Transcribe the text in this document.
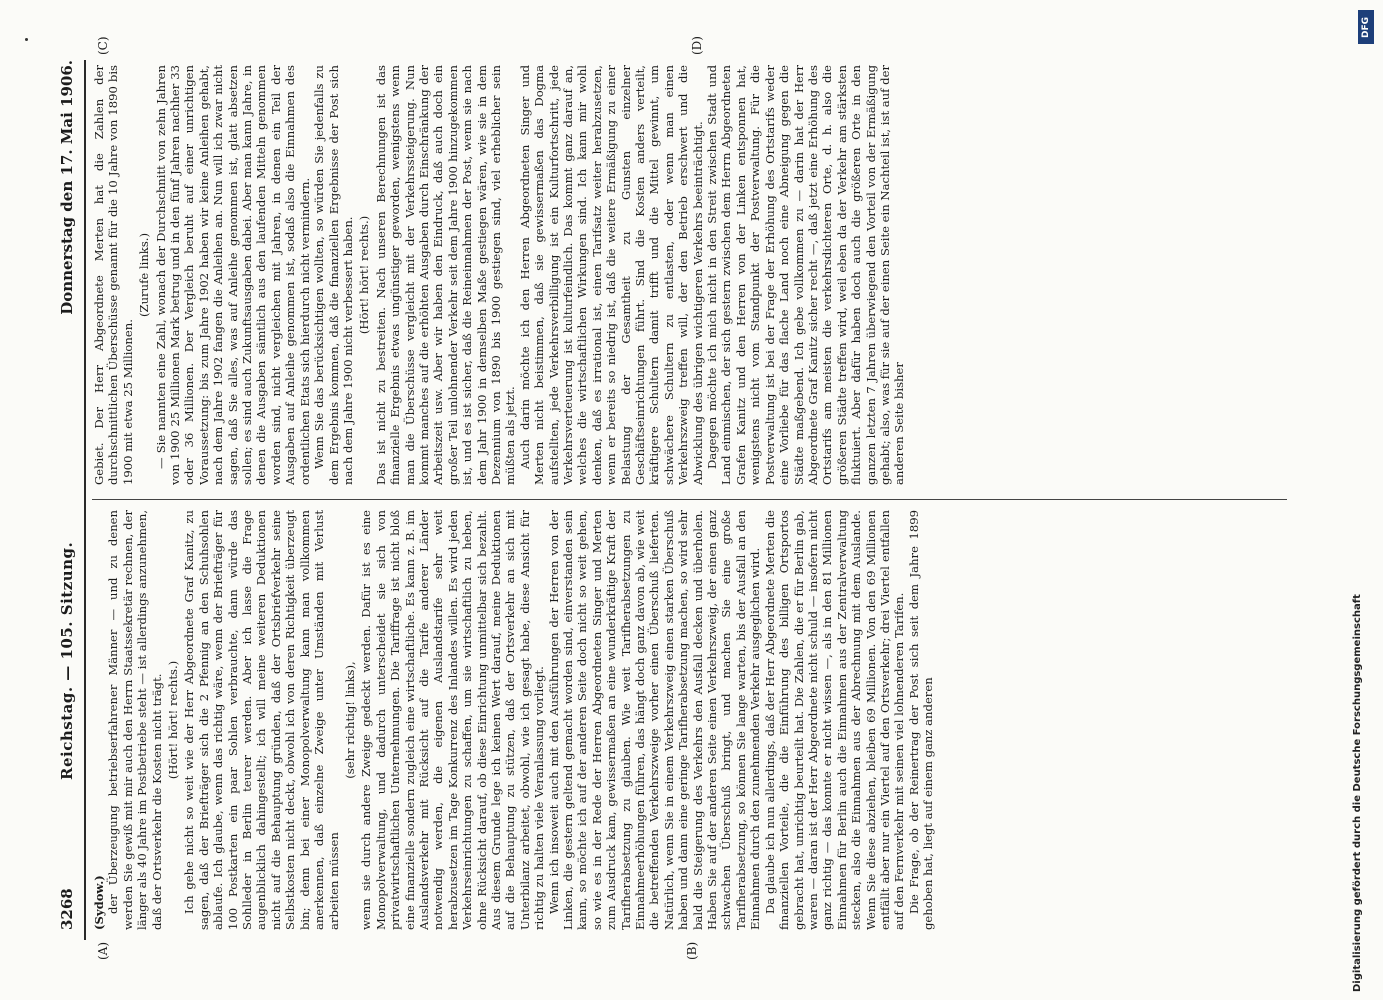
3268
Reichstag. — 105. Sitzung.
Donnerstag den 17. Mai 1906.

(Sydow.) der Überzeugung betriebserfahrener Männer — und zu denen werden Sie gewiß mit mir auch den Herrn Staatssekretär rechnen, der länger als 40 Jahre im Postbetriebe steht — ist allerdings anzunehmen, daß der Ortsverkehr die Kosten nicht trägt. (Hört! hört! rechts.) Ich gehe nicht so weit wie der Herr Abgeordnete Graf Kanitz, zu sagen, daß der Briefträger sich die 2 Pfennig an den Schuhsohlen ablaufe. Ich glaube, wenn das richtig wäre, wenn der Briefträger für 100 Postkarten ein paar Sohlen verbrauchte, dann würde das Sohlleder in Berlin teurer werden. Aber ich lasse die Frage augenblicklich dahingestellt; ich will meine weiteren Deduktionen nicht auf die Behauptung gründen, daß der Ortsbriefverkehr seine Selbstkosten nicht deckt, obwohl ich von deren Richtigkeit überzeugt bin; denn bei einer Monopolverwaltung kann man vollkommen anerkennen, daß einzelne Zweige unter Umständen mit Verlust arbeiten müssen

(sehr richtig! links), wenn sie durch andere Zweige gedeckt werden. Dafür ist es eine Monopolverwaltung, und dadurch unterscheidet sie sich von privatwirtschaftlichen Unternehmungen. Die Tariffrage ist nicht bloß eine finanzielle sondern zugleich eine wirtschaftliche. Es kann z. B. im Auslandsverkehr mit Rücksicht auf die Tarife anderer Länder notwendig werden, die eigenen Auslandstarife sehr weit herabzusetzen im Tage Konkurrenz des Inlandes willen. Es wird jeden Verkehrseinrichtungen zu schaffen, um sie wirtschaftlich zu heben, ohne Rücksicht darauf, ob diese Einrichtung unmittelbar sich bezahlt. Aus diesem Grunde lege ich keinen Wert darauf, meine Deduktionen auf die Behauptung zu stützen, daß der Ortsverkehr an sich mit Unterbilanz arbeitet, obwohl, wie ich gesagt habe, diese Ansicht für richtig zu halten viele Veranlassung vorliegt. Wenn ich insoweit auch mit den Ausführungen der Herren von der Linken, die gestern geltend gemacht worden sind, einverstanden sein kann, so möchte ich auf der anderen Seite doch nicht so weit gehen, so wie es in der Rede der Herren Abgeordneten Singer und Merten zum Ausdruck kam, gewissermaßen an eine wunderkräftige Kraft der Tarifherabsetzung zu glauben. Wie weit Tarifherabsetzungen zu Einnahmeerhöhungen führen, das hängt doch ganz davon ab, wie weit die betreffenden Verkehrszweige vorher einen Überschuß lieferten. Natürlich, wenn Sie in einem Verkehrszweig einen starken Überschuß haben und dann eine geringe Tarifherabsetzung machen, so wird sehr bald die Steigerung des Verkehrs den Ausfall decken und überholen. Haben Sie auf der anderen Seite einen Verkehrszweig, der einen ganz schwachen Überschuß bringt, und machen Sie eine große Tarifherabsetzung, so können Sie lange warten, bis der Ausfall an den Einnahmen durch den zunehmenden Verkehr ausgeglichen wird. Da glaube ich nun allerdings, daß der Herr Abgeordnete Merten die finanziellen Vorteile, die die Einführung des billigen Ortsportos gebracht hat, unrichtig beurteilt hat. Die Zahlen, die er für Berlin gab, waren — daran ist der Herr Abgeordnete nicht schuld — insofern nicht ganz richtig — das konnte er nicht wissen —, als in den 81 Millionen Einnahmen für Berlin auch die Einnahmen aus der Zentralverwaltung stecken, also die Einnahmen aus der Abrechnung mit dem Auslande. Wenn Sie diese abziehen, bleiben 69 Millionen. Von den 69 Millionen entfällt aber nur ein Viertel auf den Ortsverkehr; drei Viertel entfallen auf den Fernverkehr mit seinen viel lohnenderen Tarifen. Die Frage, ob der Reinertrag der Post sich seit dem Jahre 1899 gehoben hat, liegt auf einem ganz anderen

Gebiet. Der Herr Abgeordnete Merten hat die Zahlen der durchschnittlichen Überschüsse genannt für die 10 Jahre von 1890 bis 1900 mit etwa 25 Millionen.

(Zurufe links.) — Sie nannten eine Zahl, wonach der Durchschnitt von zehn Jahren von 1900 25 Millionen Mark betrug und in den fünf Jahren nachher 33 oder 36 Millionen. Der Vergleich beruht auf einer unrichtigen Voraussetzung: bis zum Jahre 1902 haben wir keine Anleihen gehabt, nach dem Jahre 1902 fangen die Anleihen an. Nun will ich zwar nicht sagen, daß Sie alles, was auf Anleihe genommen ist, glatt absetzen sollen; es sind auch Zukunftsausgaben dabei. Aber man kann Jahre, in denen die Ausgaben sämtlich aus den laufenden Mitteln genommen worden sind, nicht vergleichen mit Jahren, in denen ein Teil der Ausgaben auf Anleihe genommen ist, sodaß also die Einnahmen des ordentlichen Etats sich hierdurch nicht vermindern. Wenn Sie das berücksichtigen wollten, so würden Sie jedenfalls zu dem Ergebnis kommen, daß die finanziellen Ergebnisse der Post sich nach dem Jahre 1900 nicht verbessert haben. (Hört! hört! rechts.) Das ist nicht zu bestreiten. Nach unseren Berechnungen ist das finanzielle Ergebnis etwas ungünstiger geworden, wenigstens wenn man die Überschüsse vergleicht mit der Verkehrssteigerung. Nun kommt manches auf die erhöhten Ausgaben durch Einschränkung der Arbeitszeit usw. Aber wir haben den Eindruck, daß auch doch ein großer Teil unlohnender Verkehr seit dem Jahre 1900 hinzugekommen ist, und es ist sicher, daß die Reineinnahmen der Post, wenn sie nach dem Jahr 1900 in demselben Maße gestiegen wären, wie sie in dem Dezennium von 1890 bis 1900 gestiegen sind, viel erheblicher sein müßten als jetzt. Auch darin möchte ich den Herren Abgeordneten Singer und Merten nicht beistimmen, daß sie gewissermaßen das Dogma aufstellten, jede Verkehrsverbilligung ist ein Kulturfortschritt, jede Verkehrsverteuerung ist kulturfeindlich. Das kommt ganz darauf an, welches die wirtschaftlichen Wirkungen sind. Ich kann mir wohl denken, daß es irrational ist, einen Tarifsatz weiter herabzusetzen, wenn er bereits so niedrig ist, daß die weitere Ermäßigung zu einer Belastung der Gesamtheit zu Gunsten einzelner Geschäftseinrichtungen führt. Sind die Kosten anders verteilt, kräftigere Schultern damit trifft und die Mittel gewinnt, um schwächere Schultern zu entlasten, oder wenn man einen Verkehrszweig treffen will, der den Betrieb erschwert und die Abwicklung des übrigen wichtigeren Verkehrs beeinträchtigt. Dagegen möchte ich mich nicht in den Streit zwischen Stadt und Land einmischen, der sich gestern zwischen dem Herrn Abgeordneten Grafen Kanitz und den Herren von der Linken entsponnen hat, wenigstens nicht vom Standpunkt der Postverwaltung. Für die Postverwaltung ist bei der Frage der Erhöhung des Ortstarifs weder eine Vorliebe für das flache Land noch eine Abneigung gegen die Städte maßgebend. Ich gebe vollkommen zu — darin hat der Herr Abgeordnete Graf Kanitz sicher recht —, daß jetzt eine Erhöhung des Ortstarifs am meisten die verkehrsdichteren Orte, d. h. also die größeren Städte treffen wird, weil eben da der Verkehr am stärksten fluktuiert. Aber dafür haben doch auch die größeren Orte in den ganzen letzten 7 Jahren überwiegend den Vorteil von der Ermäßigung gehabt; also, was für sie auf der einen Seite ein Nachteil ist, ist auf der anderen Seite bisher

(A)	(B)
(C)	(D)
Digitalisierung gefördert durch die Deutsche Forschungsgemeinschaft
DFG
